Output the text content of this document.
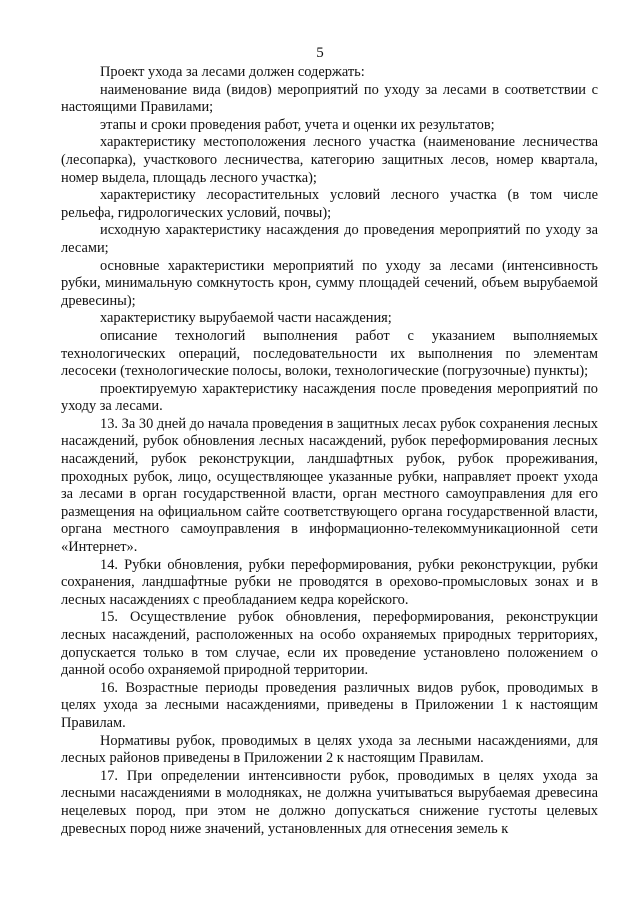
5

Проект ухода за лесами должен содержать:

наименование вида (видов) мероприятий по уходу за лесами в соответствии с настоящими Правилами;

этапы и сроки проведения работ, учета и оценки их результатов;

характеристику местоположения лесного участка (наименование лесничества (лесопарка), участкового лесничества, категорию защитных лесов, номер квартала, номер выдела, площадь лесного участка);

характеристику лесорастительных условий лесного участка (в том числе рельефа, гидрологических условий, почвы);

исходную характеристику насаждения до проведения мероприятий по уходу за лесами;

основные характеристики мероприятий по уходу за лесами (интенсивность рубки, минимальную сомкнутость крон, сумму площадей сечений, объем вырубаемой древесины);

характеристику вырубаемой части насаждения;

описание технологий выполнения работ с указанием выполняемых технологических операций, последовательности их выполнения по элементам лесосеки (технологические полосы, волоки, технологические (погрузочные) пункты);

проектируемую характеристику насаждения после проведения мероприятий по уходу за лесами.

13. За 30 дней до начала проведения в защитных лесах рубок сохранения лесных насаждений, рубок обновления лесных насаждений, рубок переформирования лесных насаждений, рубок реконструкции, ландшафтных рубок, рубок прореживания, проходных рубок, лицо, осуществляющее указанные рубки, направляет проект ухода за лесами в орган государственной власти, орган местного самоуправления для его размещения на официальном сайте соответствующего органа государственной власти, органа местного самоуправления в информационно-телекоммуникационной сети «Интернет».

14. Рубки обновления, рубки переформирования, рубки реконструкции, рубки сохранения, ландшафтные рубки не проводятся в орехово-промысловых зонах и в лесных насаждениях с преобладанием кедра корейского.

15. Осуществление рубок обновления, переформирования, реконструкции лесных насаждений, расположенных на особо охраняемых природных территориях, допускается только в том случае, если их проведение установлено положением о данной особо охраняемой природной территории.

16. Возрастные периоды проведения различных видов рубок, проводимых в целях ухода за лесными насаждениями, приведены в Приложении 1 к настоящим Правилам.

Нормативы рубок, проводимых в целях ухода за лесными насаждениями, для лесных районов приведены в Приложении 2 к настоящим Правилам.

17. При определении интенсивности рубок, проводимых в целях ухода за лесными насаждениями в молодняках, не должна учитываться вырубаемая древесина нецелевых пород, при этом не должно допускаться снижение густоты целевых древесных пород ниже значений, установленных для отнесения земель к
